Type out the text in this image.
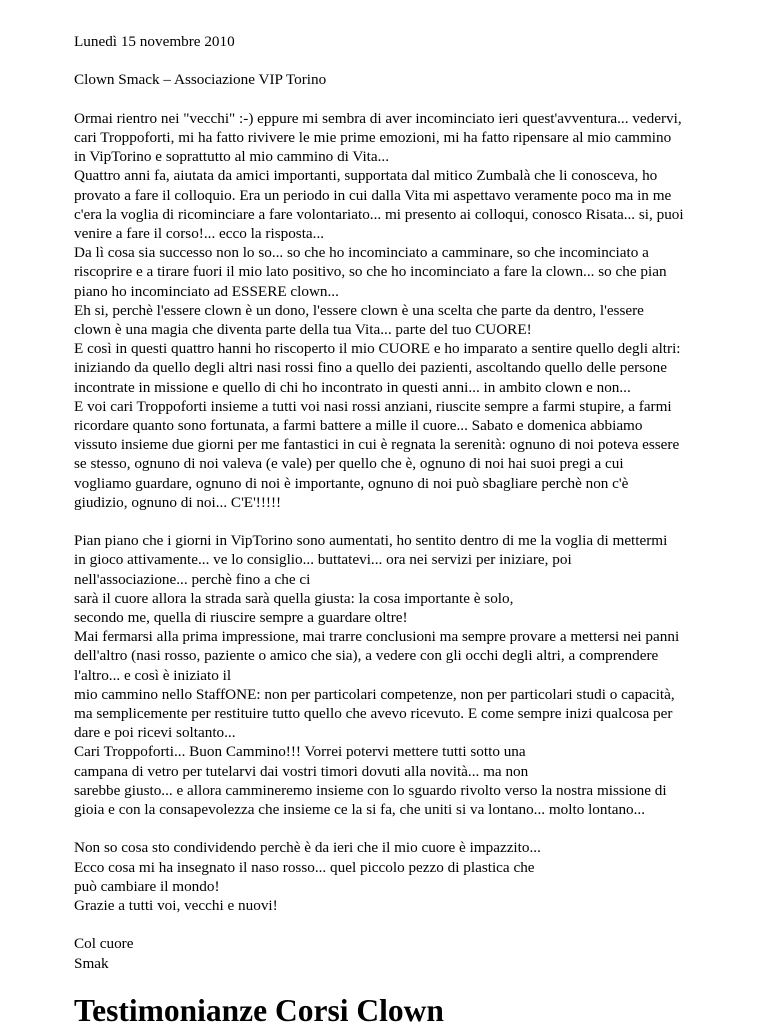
Lunedì 15 novembre 2010

Clown Smack – Associazione VIP Torino

Ormai rientro nei "vecchi" :-) eppure mi sembra di aver incominciato ieri quest'avventura... vedervi,
cari Troppoforti, mi ha fatto rivivere le mie prime emozioni, mi ha fatto ripensare al mio cammino
in VipTorino e soprattutto al mio cammino di Vita...
Quattro anni fa, aiutata da amici importanti, supportata dal mitico Zumbalà che li conosceva, ho
provato a fare il colloquio. Era un periodo in cui dalla Vita mi aspettavo veramente poco ma in me
c'era la voglia di ricominciare a fare volontariato... mi presento ai colloqui, conosco Risata... si, puoi
venire a fare il corso!... ecco la risposta...
Da lì cosa sia successo non lo so... so che ho incominciato a camminare, so che incominciato a
riscoprire e a tirare fuori il mio lato positivo, so che ho incominciato a fare la clown... so che pian
piano ho incominciato ad ESSERE clown...
Eh si, perchè l'essere clown è un dono, l'essere clown è una scelta che parte da dentro, l'essere
clown è una magia che diventa parte della tua Vita... parte del tuo CUORE!
E così in questi quattro hanni ho riscoperto il mio CUORE e ho imparato a sentire quello degli altri:
iniziando da quello degli altri nasi rossi fino a quello dei pazienti, ascoltando quello delle persone
incontrate in missione e quello di chi ho incontrato in questi anni... in ambito clown e non...
E voi cari Troppoforti insieme a tutti voi nasi rossi anziani, riuscite sempre a farmi stupire, a farmi
ricordare quanto sono fortunata, a farmi battere a mille il cuore... Sabato e domenica abbiamo
vissuto insieme due giorni per me fantastici in cui è regnata la serenità: ognuno di noi poteva essere
se stesso, ognuno di noi valeva (e vale) per quello che è, ognuno di noi hai suoi pregi a cui
vogliamo guardare, ognuno di noi è importante, ognuno di noi può sbagliare perchè non c'è
giudizio, ognuno di noi... C'E'!!!!!
Pian piano che i giorni in VipTorino sono aumentati, ho sentito dentro di me la voglia di mettermi
in gioco attivamente... ve lo consiglio... buttatevi... ora nei servizi per iniziare, poi
nell'associazione... perchè fino a che ci
sarà il cuore allora la strada sarà quella giusta: la cosa importante è solo,
secondo me, quella di riuscire sempre a guardare oltre!
Mai fermarsi alla prima impressione, mai trarre conclusioni ma sempre provare a mettersi nei panni
dell'altro (nasi rosso, paziente o amico che sia), a vedere con gli occhi degli altri, a comprendere
l'altro... e così è iniziato il
mio cammino nello StaffONE: non per particolari competenze, non per particolari studi o capacità,
ma semplicemente per restituire tutto quello che avevo ricevuto. E come sempre inizi qualcosa per
dare e poi ricevi soltanto...
Cari Troppoforti... Buon Cammino!!! Vorrei potervi mettere tutti sotto una
campana di vetro per tutelarvi dai vostri timori dovuti alla novità... ma non
sarebbe giusto... e allora cammineremo insieme con lo sguardo rivolto verso la nostra missione di
gioia e con la consapevolezza che insieme ce la si fa, che uniti si va lontano... molto lontano...
Non so cosa sto condividendo perchè è da ieri che il mio cuore è impazzito...
Ecco cosa mi ha insegnato il naso rosso... quel piccolo pezzo di plastica che
può cambiare il mondo!
Grazie a tutti voi, vecchi e nuovi!
Col cuore
Smak
Testimonianze Corsi Clown
